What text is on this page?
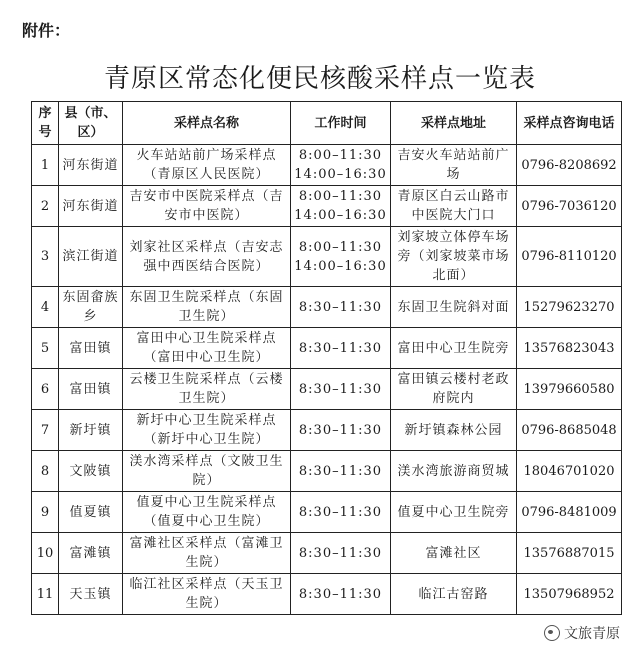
附件：
青原区常态化便民核酸采样点一览表
序号	县（市、区）	采样点名称	工作时间	采样点地址	采样点咨询电话
1	河东街道	火车站站前广场采样点（青原区人民医院）	8:00–11:30 14:00–16:30	吉安火车站站前广场	0796-8208692
2	河东街道	吉安市中医院采样点（吉安市中医院）	8:00–11:30 14:00–16:30	青原区白云山路市中医院大门口	0796-7036120
3	滨江街道	刘家社区采样点（吉安志强中西医结合医院）	8:00–11:30 14:00–16:30	刘家坡立体停车场旁（刘家坡菜市场北面）	0796-8110120
4	东固畲族乡	东固卫生院采样点（东固卫生院）	8:30–11:30	东固卫生院斜对面	15279623270
5	富田镇	富田中心卫生院采样点（富田中心卫生院）	8:30–11:30	富田中心卫生院旁	13576823043
6	富田镇	云楼卫生院采样点（云楼卫生院）	8:30–11:30	富田镇云楼村老政府院内	13979660580
7	新圩镇	新圩中心卫生院采样点（新圩中心卫生院）	8:30–11:30	新圩镇森林公园	0796-8685048
8	文陂镇	渼水湾采样点（文陂卫生院）	8:30–11:30	渼水湾旅游商贸城	18046701020
9	值夏镇	值夏中心卫生院采样点（值夏中心卫生院）	8:30–11:30	值夏中心卫生院旁	0796-8481009
10	富滩镇	富滩社区采样点（富滩卫生院）	8:30–11:30	富滩社区	13576887015
11	天玉镇	临江社区采样点（天玉卫生院）	8:30–11:30	临江古窑路	13507968952
文旅青原
